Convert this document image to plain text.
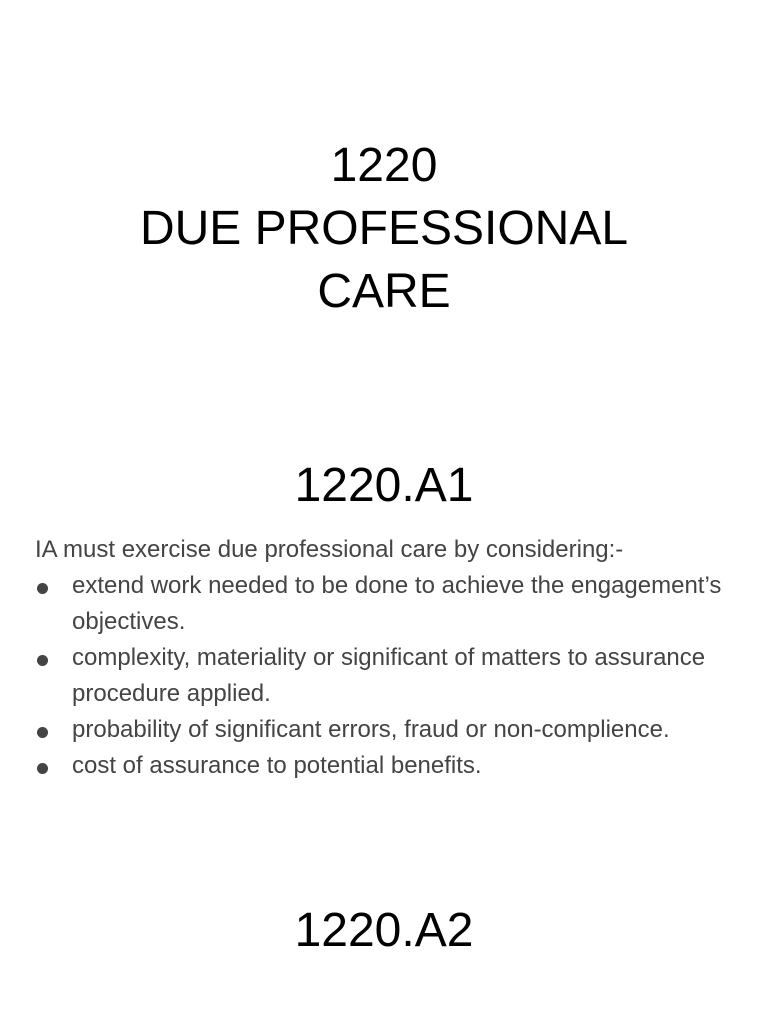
1220
DUE PROFESSIONAL
CARE
1220.A1

IA must exercise due professional care by considering:-

extend work needed to be done to achieve the engagement’s objectives.
complexity, materiality or significant of matters to assurance procedure applied.
probability of significant errors, fraud or non-complience.
cost of assurance to potential benefits.
1220.A2
